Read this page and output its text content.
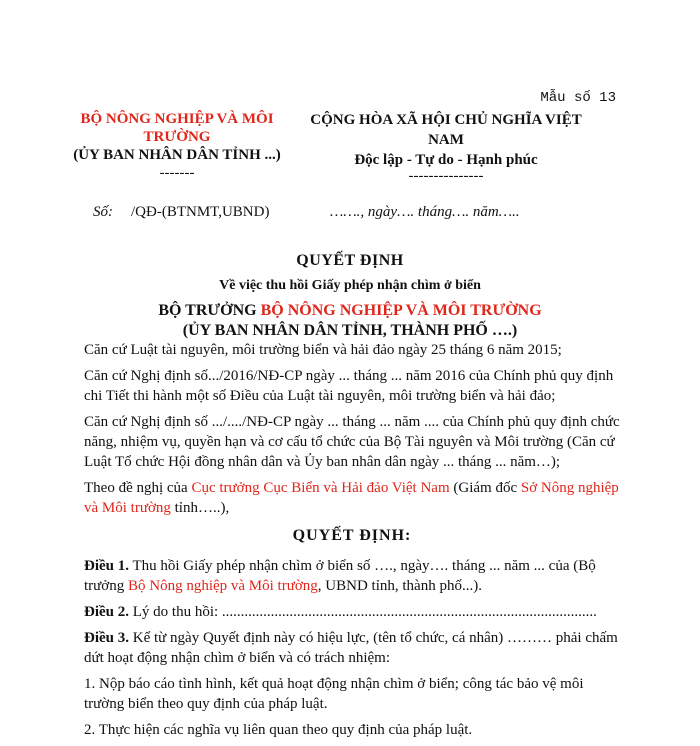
Mẫu số 13
BỘ NÔNG NGHIỆP VÀ MÔI TRƯỜNG
(ỦY BAN NHÂN DÂN TỈNH ...)
-------
CỘNG HÒA XÃ HỘI CHỦ NGHĨA VIỆT NAM
Độc lập - Tự do - Hạnh phúc
---------------
Số: /QĐ-(BTNMT,UBND)	……., ngày…. tháng…. năm…..
QUYẾT ĐỊNH
Về việc thu hồi Giấy phép nhận chìm ở biển
BỘ TRƯỞNG BỘ NÔNG NGHIỆP VÀ MÔI TRƯỜNG
(ỦY BAN NHÂN DÂN TỈNH, THÀNH PHỐ ….)

Căn cứ Luật tài nguyên, môi trường biển và hải đảo ngày 25 tháng 6 năm 2015;

Căn cứ Nghị định số.../2016/NĐ-CP ngày ... tháng ... năm 2016 của Chính phủ quy định chi Tiết thi hành một số Điều của Luật tài nguyên, môi trường biển và hải đảo;

Căn cứ Nghị định số .../..../NĐ-CP ngày ... tháng ... năm .... của Chính phủ quy định chức năng, nhiệm vụ, quyền hạn và cơ cấu tổ chức của Bộ Tài nguyên và Môi trường (Căn cứ Luật Tổ chức Hội đồng nhân dân và Ủy ban nhân dân ngày ... tháng ... năm…);

Theo đề nghị của Cục trưởng Cục Biển và Hải đảo Việt Nam (Giám đốc Sở Nông nghiệp và Môi trường tỉnh…..),

QUYẾT ĐỊNH:

Điều 1. Thu hồi Giấy phép nhận chìm ở biển số …., ngày…. tháng ... năm ... của (Bộ trưởng Bộ Nông nghiệp và Môi trường, UBND tỉnh, thành phố...).

Điều 2. Lý do thu hồi: ....................................................................................................

Điều 3. Kể từ ngày Quyết định này có hiệu lực, (tên tổ chức, cá nhân) ……… phải chấm dứt hoạt động nhận chìm ở biển và có trách nhiệm:

1. Nộp báo cáo tình hình, kết quả hoạt động nhận chìm ở biển; công tác bảo vệ môi trường biển theo quy định của pháp luật.

2. Thực hiện các nghĩa vụ liên quan theo quy định của pháp luật.
